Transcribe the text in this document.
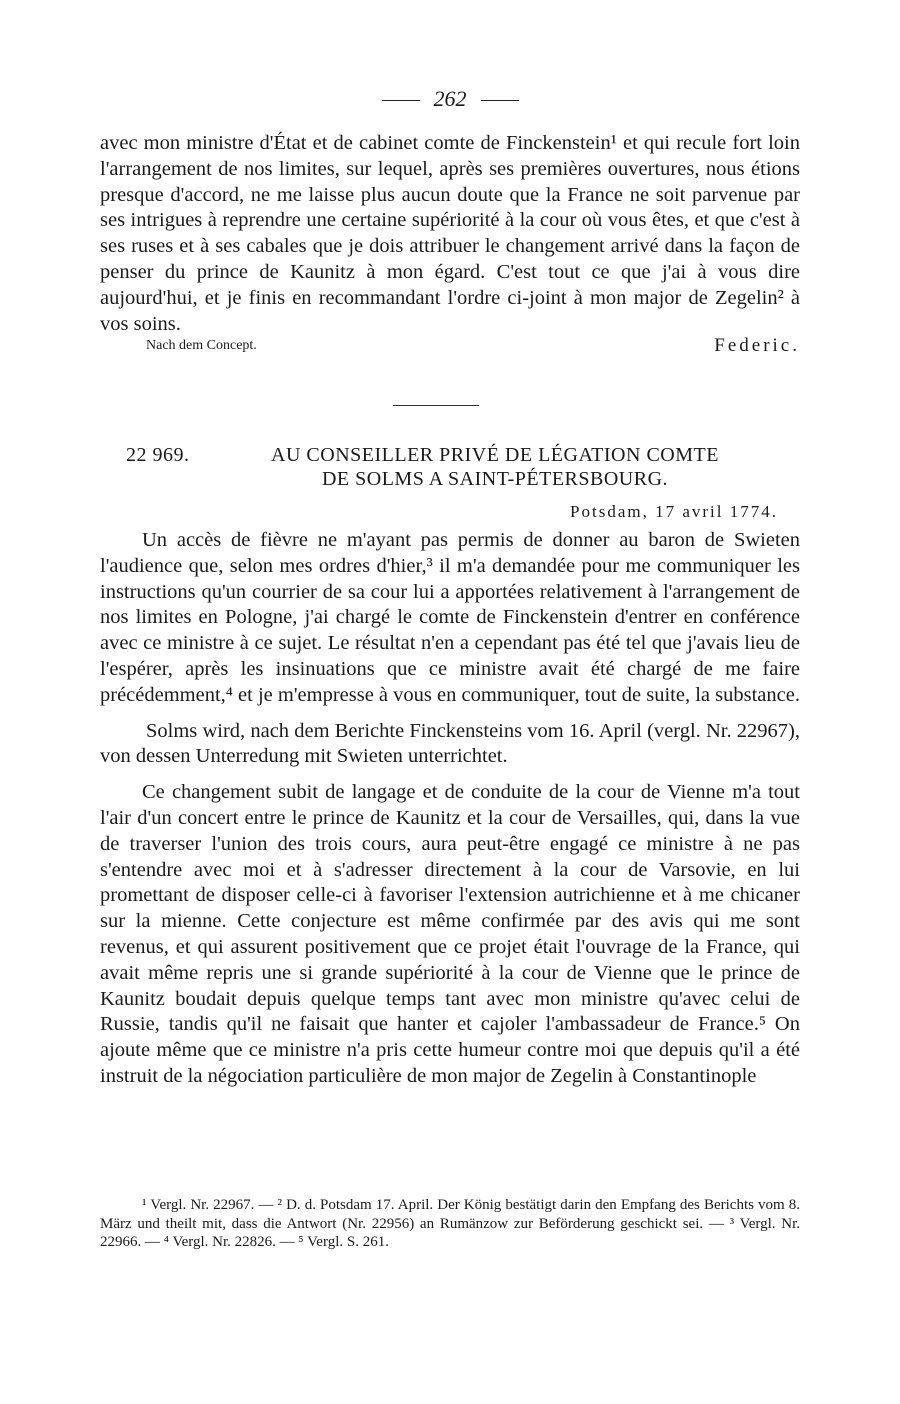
262

avec mon ministre d'État et de cabinet comte de Finckenstein¹ et qui recule fort loin l'arrangement de nos limites, sur lequel, après ses premières ouvertures, nous étions presque d'accord, ne me laisse plus aucun doute que la France ne soit parvenue par ses intrigues à reprendre une certaine supériorité à la cour où vous êtes, et que c'est à ses ruses et à ses cabales que je dois attribuer le changement arrivé dans la façon de penser du prince de Kaunitz à mon égard. C'est tout ce que j'ai à vous dire aujourd'hui, et je finis en recommandant l'ordre ci-joint à mon major de Zegelin² à vos soins.

Federic.
Nach dem Concept.
22 969.	AU CONSEILLER PRIVÉ DE LÉGATION COMTE
DE SOLMS A SAINT-PÉTERSBOURG.
Potsdam, 17 avril 1774.

Un accès de fièvre ne m'ayant pas permis de donner au baron de Swieten l'audience que, selon mes ordres d'hier,³ il m'a demandée pour me communiquer les instructions qu'un courrier de sa cour lui a apportées relativement à l'arrangement de nos limites en Pologne, j'ai chargé le comte de Finckenstein d'entrer en conférence avec ce ministre à ce sujet. Le résultat n'en a cependant pas été tel que j'avais lieu de l'espérer, après les insinuations que ce ministre avait été chargé de me faire précédemment,⁴ et je m'empresse à vous en communiquer, tout de suite, la substance.

Solms wird, nach dem Berichte Finckensteins vom 16. April (vergl. Nr. 22967), von dessen Unterredung mit Swieten unterrichtet.

Ce changement subit de langage et de conduite de la cour de Vienne m'a tout l'air d'un concert entre le prince de Kaunitz et la cour de Versailles, qui, dans la vue de traverser l'union des trois cours, aura peut-être engagé ce ministre à ne pas s'entendre avec moi et à s'adresser directement à la cour de Varsovie, en lui promettant de disposer celle-ci à favoriser l'extension autrichienne et à me chicaner sur la mienne. Cette conjecture est même confirmée par des avis qui me sont revenus, et qui assurent positivement que ce projet était l'ouvrage de la France, qui avait même repris une si grande supériorité à la cour de Vienne que le prince de Kaunitz boudait depuis quelque temps tant avec mon ministre qu'avec celui de Russie, tandis qu'il ne faisait que hanter et cajoler l'ambassadeur de France.⁵ On ajoute même que ce ministre n'a pris cette humeur contre moi que depuis qu'il a été instruit de la négociation particulière de mon major de Zegelin à Constantinople

¹ Vergl. Nr. 22967. — ² D. d. Potsdam 17. April. Der König bestätigt darin den Empfang des Berichts vom 8. März und theilt mit, dass die Antwort (Nr. 22956) an Rumänzow zur Beförderung geschickt sei. — ³ Vergl. Nr. 22966. — ⁴ Vergl. Nr. 22826. — ⁵ Vergl. S. 261.
